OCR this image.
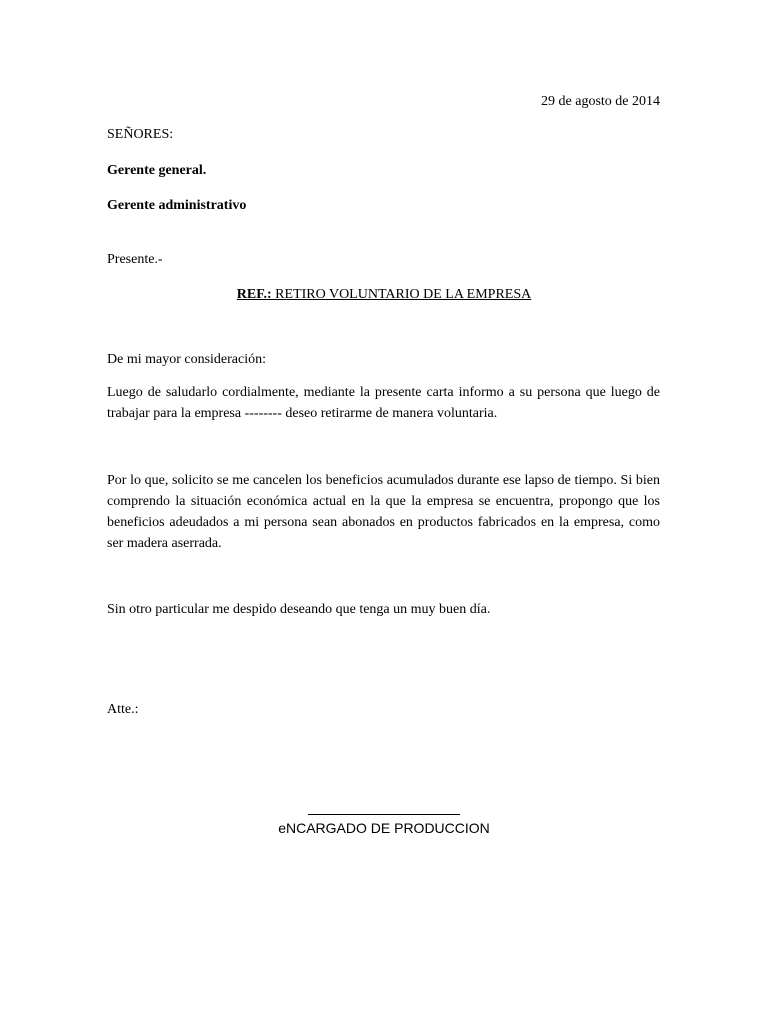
29 de agosto de 2014
SEÑORES:
Gerente general.
Gerente administrativo
Presente.-
REF.: RETIRO VOLUNTARIO DE LA EMPRESA
De mi mayor consideración:
Luego de saludarlo cordialmente, mediante la presente carta informo a su persona que luego de trabajar para la empresa -------- deseo retirarme de manera voluntaria.
Por lo que, solicito se me cancelen los beneficios acumulados durante ese lapso de tiempo. Si bien comprendo la situación económica actual en la que la empresa se encuentra, propongo que los beneficios adeudados a mi persona sean abonados en productos fabricados en la empresa, como ser madera aserrada.
Sin otro particular me despido deseando que tenga un muy buen día.
Atte.:
eNCARGADO DE PRODUCCION
